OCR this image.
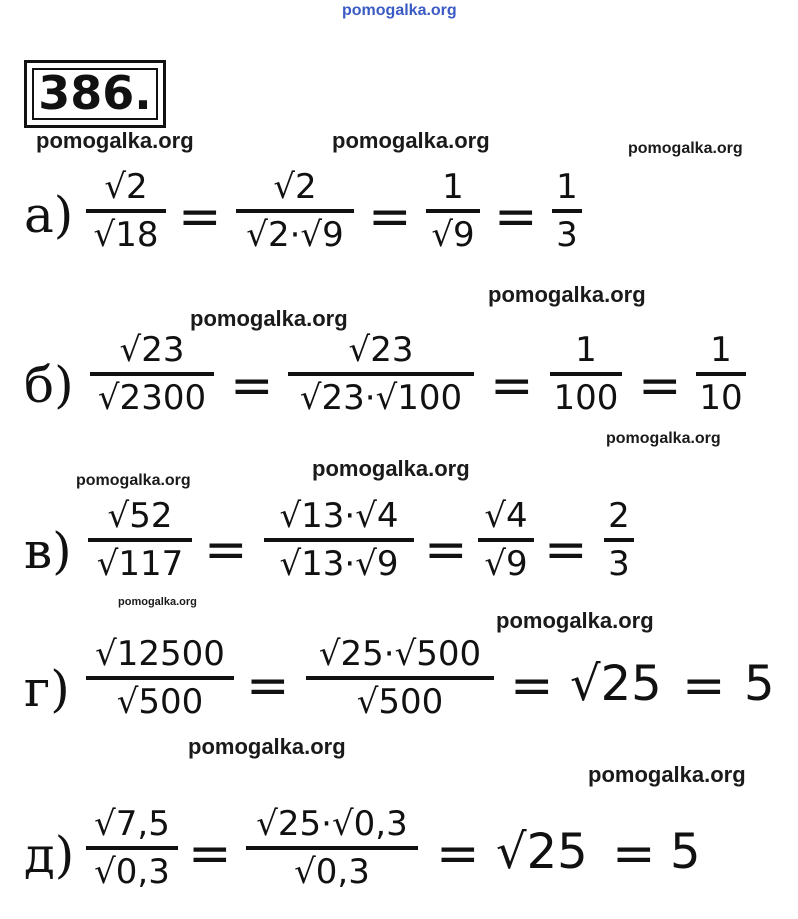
pomogalka.org
pomogalka.org	pomogalka.org	pomogalka.org
pomogalka.org
pomogalka.org
pomogalka.org
pomogalka.org	pomogalka.org
pomogalka.org
pomogalka.org
pomogalka.org
pomogalka.org
386.
а) √2
√18 = √2
√2·√9 = 1
√9 = 1
3
б)
√23
√2300 =
√23
√23·√100 =
1
100 =
1
10
в)
√52
√117 =
√13·√4
√13·√9 =
√4
√9 =
2
3
г)
√12500
√500 =
√25·√500
√500 = √25 = 5
д)
√7,5
√0,3 = √25·√0,3
√0,3 = √25 = 5
